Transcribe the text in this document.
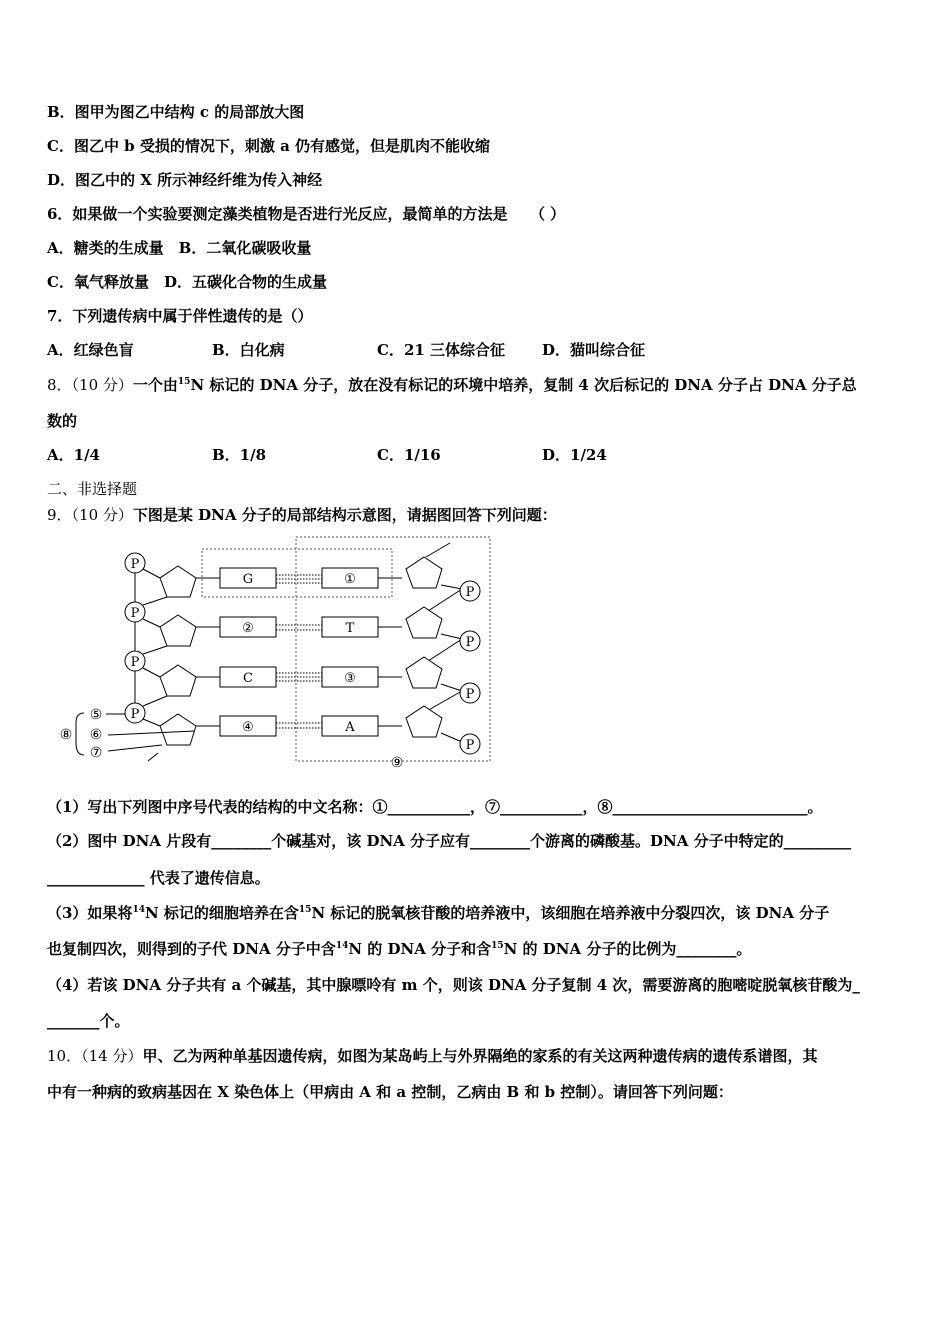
B．图甲为图乙中结构 c 的局部放大图
C．图乙中 b 受损的情况下，刺激 a 仍有感觉，但是肌肉不能收缩
D．图乙中的 X 所示神经纤维为传入神经
6．如果做一个实验要测定藻类植物是否进行光反应，最简单的方法是　　（ ）
A．糖类的生成量　B．二氧化碳吸收量
C．氧气释放量　D．五碳化合物的生成量
7．下列遗传病中属于伴性遗传的是（）
A．红绿色盲	B．白化病	C．21 三体综合征 D．猫叫综合征
8．（10 分）一个由$^{15}$N 标记的 DNA 分子，放在没有标记的环境中培养，复制 4 次后标记的 DNA 分子占 DNA 分子总
数的
A．1/4	B．1/8	C．1/16	D．1/24
二、非选择题
9．（10 分）下图是某 DNA 分子的局部结构示意图，请据图回答下列问题：
P
P
P
P
G
②
C
④
①
T
③
A
P
P
P
P
⑤
⑥
⑦
⑧
⑨
（1）写出下列图中序号代表的结构的中文名称：①___________，⑦___________，⑧__________________________。
（2）图中 DNA 片段有________个碱基对，该 DNA 分子应有________个游离的磷酸基。DNA 分子中特定的_________
_____________ 代表了遗传信息。
（3）如果将$^{14}$N 标记的细胞培养在含$^{15}$N 标记的脱氧核苷酸的培养液中，该细胞在培养液中分裂四次，该 DNA 分子
也复制四次，则得到的子代 DNA 分子中含$^{14}$N 的 DNA 分子和含$^{15}$N 的 DNA 分子的比例为________。
（4）若该 DNA 分子共有 a 个碱基，其中腺嘌呤有 m 个，则该 DNA 分子复制 4 次，需要游离的胞嘧啶脱氧核苷酸为_
_______个。
10．（14 分）甲、乙为两种单基因遗传病，如图为某岛屿上与外界隔绝的家系的有关这两种遗传病的遗传系谱图，其
中有一种病的致病基因在 X 染色体上（甲病由 A 和 a 控制，乙病由 B 和 b 控制）。请回答下列问题：
